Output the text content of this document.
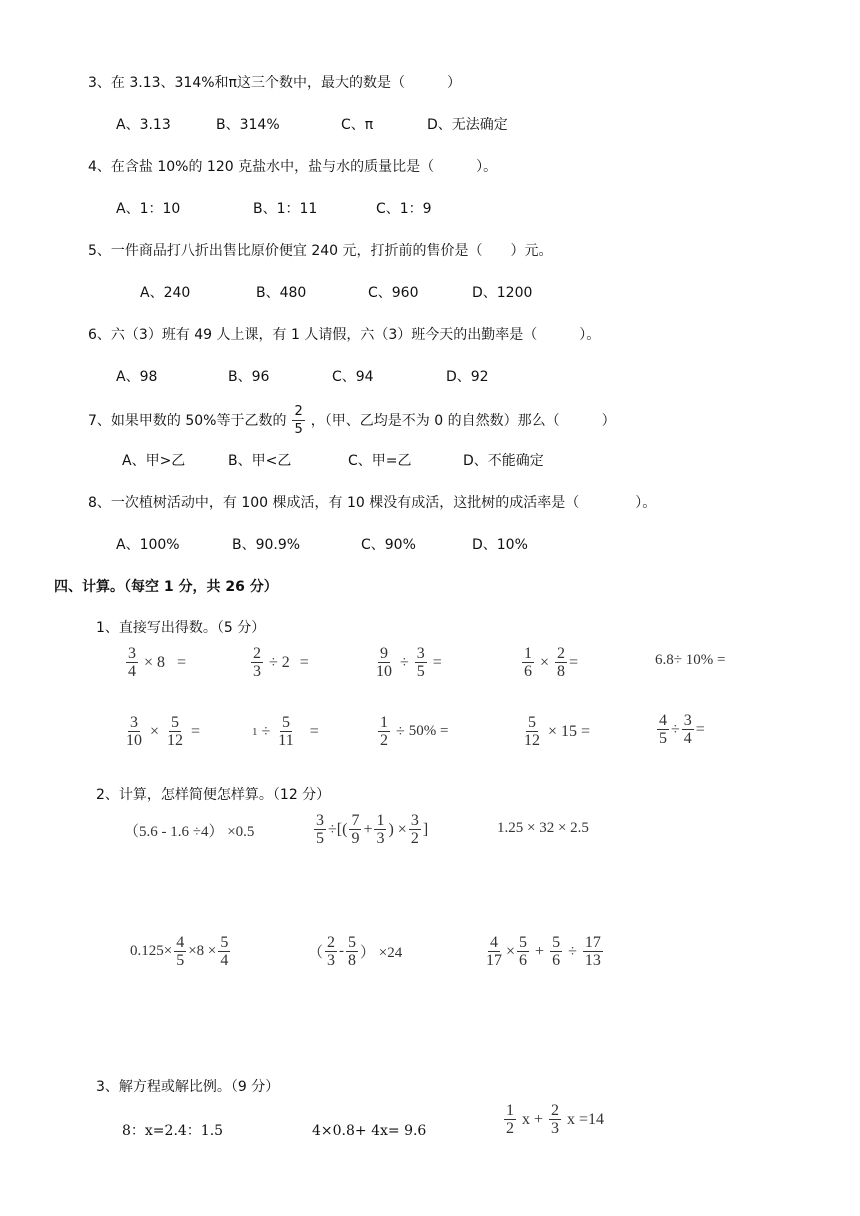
3、在 3.13、314%和π这三个数中，最大的数是（　　　）
A、3.13	B、314%	C、π	D、无法确定
4、在含盐 10%的 120 克盐水中，盐与水的质量比是（　　　）。
A、1：10	B、1：11	C、1：9
5、一件商品打八折出售比原价便宜 240 元，打折前的售价是（　　）元。
A、240	B、480	C、960	D、1200
6、六（3）班有 49 人上课，有 1 人请假，六（3）班今天的出勤率是（　　　）。
A、98	B、96	C、94	D、92
7、如果甲数的 50%等于乙数的 $\frac{2}{5}$ ，（甲、乙均是不为 0 的自然数）那么（　　　）
A、甲>乙	B、甲<乙	C、甲=乙	D、不能确定
8、一次植树活动中，有 100 棵成活，有 10 棵没有成活，这批树的成活率是（　　　　）。
A、100%	B、90.9%	C、90%	D、10%
四、计算。（每空 1 分，共 26 分）
1、直接写出得数。（5 分）
$\frac{3}{4} \times 8$ =	$\frac{2}{3} \div 2$ =	$\frac{9}{10} \div \frac{3}{5}$ =	$\frac{1}{6} \times \frac{2}{8}$ =	6.8÷ 10% =
$\frac{3}{10} \times \frac{5}{12}$ =	$1 \div \frac{5}{11}$ =	$\frac{1}{2} \div 50\%$ =	$\frac{5}{12} \times 15$ =	$\frac{4}{5} \div \frac{3}{4}$ =
2、计算，怎样简便怎样算。（12 分）
（5.6 - 1.6 ÷4） ×0.5	$\frac{3}{5}$ ÷[( $\frac{7}{9} + \frac{1}{3}$ ) × $\frac{3}{2}$ ]	1.25 × 32 × 2.5
$0.125\times \frac{4}{5} \times 8 \times \frac{5}{4}$	（ $\frac{2}{3} - \frac{5}{8}$ ） ×24	$\frac{4}{17} \times \frac{5}{6} + \frac{5}{6} \div \frac{17}{13}$
3、解方程或解比例。（9 分）
8：x=2.4：1.5	4×0.8+ 4x= 9.6	$\frac{1}{2}$ $x + \frac{2}{3}$ x =14
